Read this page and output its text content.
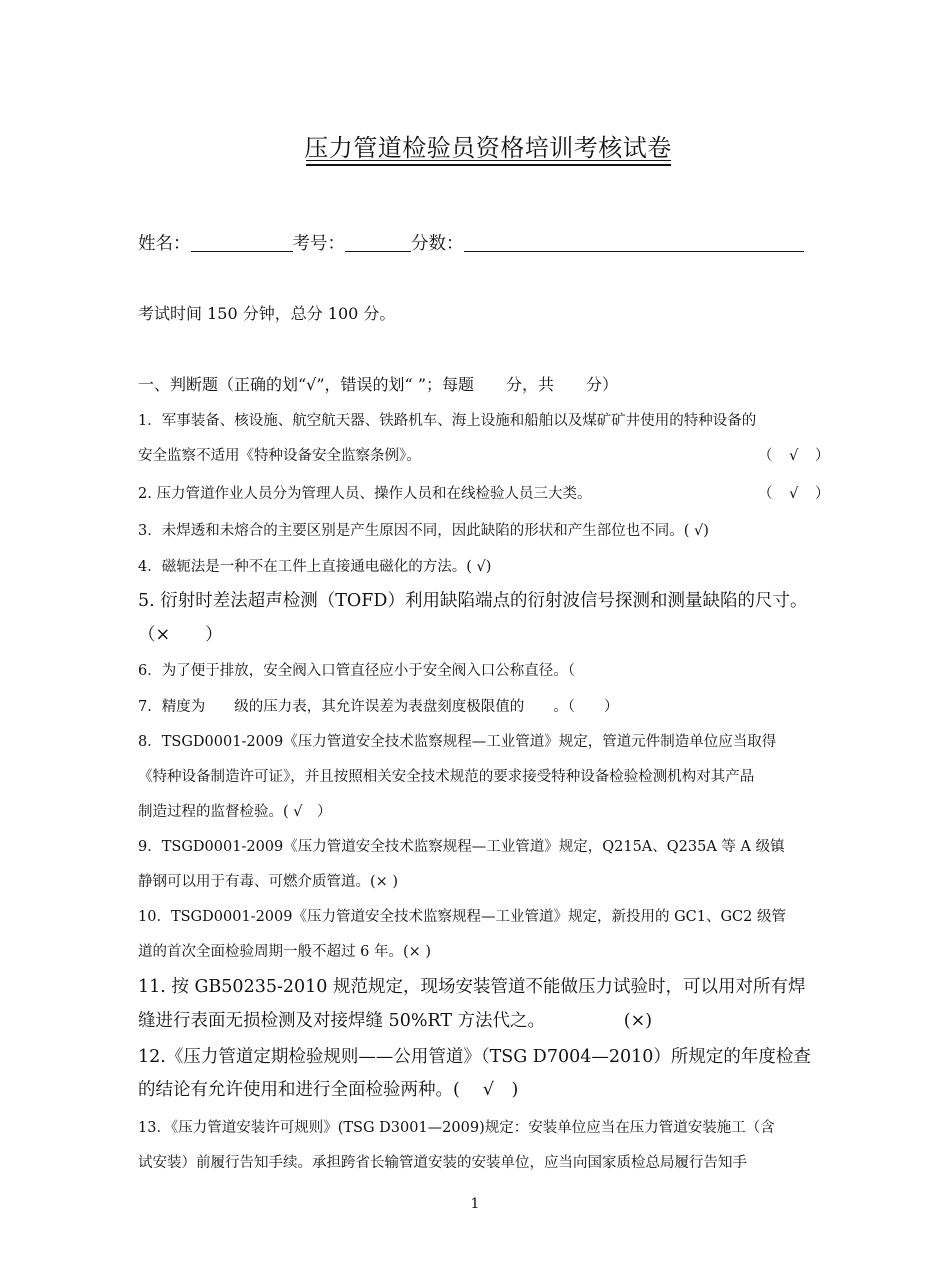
压力管道检验员资格培训考核试卷
姓名：	考号：	分数：
考试时间 150 分钟，总分 100 分。
一、判断题（正确的划“√”，错误的划“ ”；每题　　分，共　　分）
1．军事装备、核设施、航空航天器、铁路机车、海上设施和船舶以及煤矿矿井使用的特种设备的
安全监察不适用《特种设备安全监察条例》。	（ √ ）
2. 压力管道作业人员分为管理人员、操作人员和在线检验人员三大类。	（ √ ）
3．未焊透和未熔合的主要区别是产生原因不同，因此缺陷的形状和产生部位也不同。( √)
4．磁轭法是一种不在工件上直接通电磁化的方法。( √)
5. 衍射时差法超声检测（TOFD）利用缺陷端点的衍射波信号探测和测量缺陷的尺寸。
（×　　）
6．为了便于排放，安全阀入口管直径应小于安全阀入口公称直径。（
7．精度为　　级的压力表，其允许误差为表盘刻度极限值的　　。（　　）
8．TSGD0001-2009《压力管道安全技术监察规程—工业管道》规定，管道元件制造单位应当取得
《特种设备制造许可证》，并且按照相关安全技术规范的要求接受特种设备检验检测机构对其产品
制造过程的监督检验。( √　）
9．TSGD0001-2009《压力管道安全技术监察规程—工业管道》规定，Q215A、Q235A 等 A 级镇
静钢可以用于有毒、可燃介质管道。(× )
10．TSGD0001-2009《压力管道安全技术监察规程—工业管道》规定，新投用的 GC1、GC2 级管
道的首次全面检验周期一般不超过 6 年。(× )
11. 按 GB50235-2010 规范规定，现场安装管道不能做压力试验时，可以用对所有焊
缝进行表面无损检测及对接焊缝 50%RT 方法代之。　　　　　(×)
12.《压力管道定期检验规则——公用管道》（TSG D7004—2010）所规定的年度检查
的结论有允许使用和进行全面检验两种。(　 √　)
13．《压力管道安装许可规则》(TSG D3001—2009)规定：安装单位应当在压力管道安装施工（含
试安装）前履行告知手续。承担跨省长输管道安装的安装单位，应当向国家质检总局履行告知手
1
